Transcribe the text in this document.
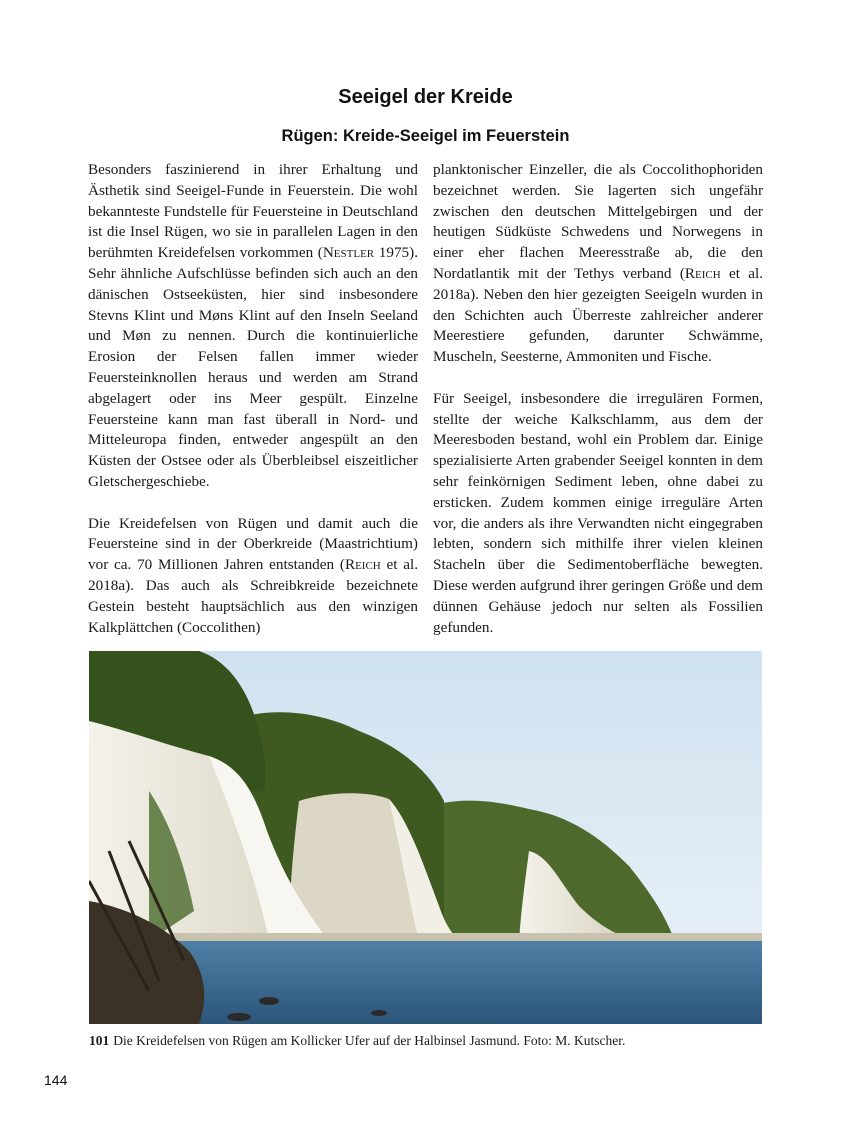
Seeigel der Kreide
Rügen: Kreide-Seeigel im Feuerstein

Besonders faszinierend in ihrer Erhaltung und Ästhetik sind Seeigel-Funde in Feuerstein. Die wohl bekannteste Fundstelle für Feuersteine in Deutschland ist die Insel Rügen, wo sie in parallelen Lagen in den berühmten Kreidefelsen vorkommen (Nestler 1975). Sehr ähnliche Aufschlüsse befinden sich auch an den dänischen Ostseeküsten, hier sind insbesondere Stevns Klint und Møns Klint auf den Inseln Seeland und Møn zu nennen. Durch die kontinuierliche Erosion der Felsen fallen immer wieder Feuersteinknollen heraus und werden am Strand abgelagert oder ins Meer gespült. Einzelne Feuersteine kann man fast überall in Nord- und Mitteleuropa finden, entweder angespült an den Küsten der Ostsee oder als Überbleibsel eiszeitlicher Gletschergeschiebe.

Die Kreidefelsen von Rügen und damit auch die Feuersteine sind in der Oberkreide (Maastrichtium) vor ca. 70 Millionen Jahren entstanden (Reich et al. 2018a). Das auch als Schreibkreide bezeichnete Gestein besteht hauptsächlich aus den winzigen Kalkplättchen (Coccolithen)

planktonischer Einzeller, die als Coccolithophoriden bezeichnet werden. Sie lagerten sich ungefähr zwischen den deutschen Mittelgebirgen und der heutigen Südküste Schwedens und Norwegens in einer eher flachen Meeresstraße ab, die den Nordatlantik mit der Tethys verband (Reich et al. 2018a). Neben den hier gezeigten Seeigeln wurden in den Schichten auch Überreste zahlreicher anderer Meerestiere gefunden, darunter Schwämme, Muscheln, Seesterne, Ammoniten und Fische.

Für Seeigel, insbesondere die irregulären Formen, stellte der weiche Kalkschlamm, aus dem der Meeresboden bestand, wohl ein Problem dar. Einige spezialisierte Arten grabender Seeigel konnten in dem sehr feinkörnigen Sediment leben, ohne dabei zu ersticken. Zudem kommen einige irreguläre Arten vor, die anders als ihre Verwandten nicht eingegraben lebten, sondern sich mithilfe ihrer vielen kleinen Stacheln über die Sedimentoberfläche bewegten. Diese werden aufgrund ihrer geringen Größe und dem dünnen Gehäuse jedoch nur selten als Fossilien gefunden.

101 Die Kreidefelsen von Rügen am Kollicker Ufer auf der Halbinsel Jasmund. Foto: M. Kutscher.
144
